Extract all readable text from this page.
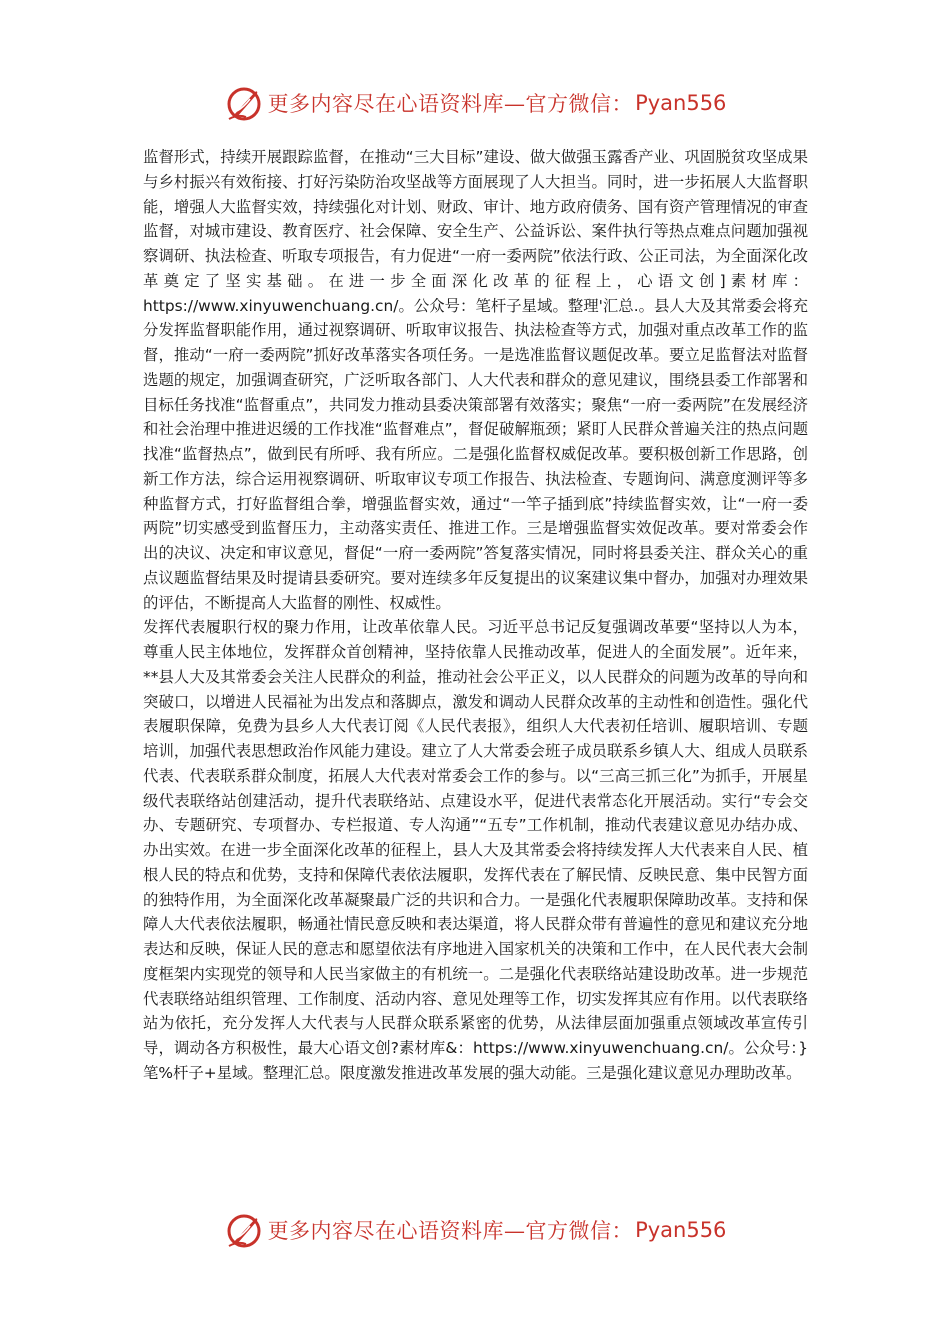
更多内容尽在心语资料库—官方微信： Pyan556

监督形式，持续开展跟踪监督，在推动“三大目标”建设、做大做强玉露香产业、巩固脱贫攻坚成果与乡村振兴有效衔接、打好污染防治攻坚战等方面展现了人大担当。同时，进一步拓展人大监督职能，增强人大监督实效，持续强化对计划、财政、审计、地方政府债务、国有资产管理情况的审查监督，对城市建设、教育医疗、社会保障、安全生产、公益诉讼、案件执行等热点难点问题加强视察调研、执法检查、听取专项报告，有力促进“一府一委两院”依法行政、公正司法，为全面深化改革奠定了坚实基础。在进一步全面深化改革的征程上，心语文创]素材库：https://www.xinyuwenchuang.cn/。公众号：笔杆子星域。整理'汇总.。县人大及其常委会将充分发挥监督职能作用，通过视察调研、听取审议报告、执法检查等方式，加强对重点改革工作的监督，推动“一府一委两院”抓好改革落实各项任务。一是选准监督议题促改革。要立足监督法对监督选题的规定，加强调查研究，广泛听取各部门、人大代表和群众的意见建议，围绕县委工作部署和目标任务找准“监督重点”，共同发力推动县委决策部署有效落实；聚焦“一府一委两院”在发展经济和社会治理中推进迟缓的工作找准“监督难点”，督促破解瓶颈；紧盯人民群众普遍关注的热点问题找准“监督热点”，做到民有所呼、我有所应。二是强化监督权威促改革。要积极创新工作思路，创新工作方法，综合运用视察调研、听取审议专项工作报告、执法检查、专题询问、满意度测评等多种监督方式，打好监督组合拳，增强监督实效，通过“一竿子插到底”持续监督实效，让“一府一委两院”切实感受到监督压力，主动落实责任、推进工作。三是增强监督实效促改革。要对常委会作出的决议、决定和审议意见，督促“一府一委两院”答复落实情况，同时将县委关注、群众关心的重点议题监督结果及时提请县委研究。要对连续多年反复提出的议案建议集中督办，加强对办理效果的评估，不断提高人大监督的刚性、权威性。

发挥代表履职行权的聚力作用，让改革依靠人民。习近平总书记反复强调改革要“坚持以人为本，尊重人民主体地位，发挥群众首创精神，坚持依靠人民推动改革，促进人的全面发展”。近年来，**县人大及其常委会关注人民群众的利益，推动社会公平正义，以人民群众的问题为改革的导向和突破口，以增进人民福祉为出发点和落脚点，激发和调动人民群众改革的主动性和创造性。强化代表履职保障，免费为县乡人大代表订阅《人民代表报》，组织人大代表初任培训、履职培训、专题培训，加强代表思想政治作风能力建设。建立了人大常委会班子成员联系乡镇人大、组成人员联系代表、代表联系群众制度，拓展人大代表对常委会工作的参与。以“三高三抓三化”为抓手，开展星级代表联络站创建活动，提升代表联络站、点建设水平，促进代表常态化开展活动。实行“专会交办、专题研究、专项督办、专栏报道、专人沟通”“五专”工作机制，推动代表建议意见办结办成、办出实效。在进一步全面深化改革的征程上，县人大及其常委会将持续发挥人大代表来自人民、植根人民的特点和优势，支持和保障代表依法履职，发挥代表在了解民情、反映民意、集中民智方面的独特作用，为全面深化改革凝聚最广泛的共识和合力。一是强化代表履职保障助改革。支持和保障人大代表依法履职，畅通社情民意反映和表达渠道，将人民群众带有普遍性的意见和建议充分地表达和反映，保证人民的意志和愿望依法有序地进入国家机关的决策和工作中，在人民代表大会制度框架内实现党的领导和人民当家做主的有机统一。二是强化代表联络站建设助改革。进一步规范代表联络站组织管理、工作制度、活动内容、意见处理等工作，切实发挥其应有作用。以代表联络站为依托，充分发挥人大代表与人民群众联系紧密的优势，从法律层面加强重点领域改革宣传引导，调动各方积极性，最大心语文创?素材库&：https://www.xinyuwenchuang.cn/。公众号：}笔%杆子+星域。整理汇总。限度激发推进改革发展的强大动能。三是强化建议意见办理助改革。

更多内容尽在心语资料库—官方微信： Pyan556
